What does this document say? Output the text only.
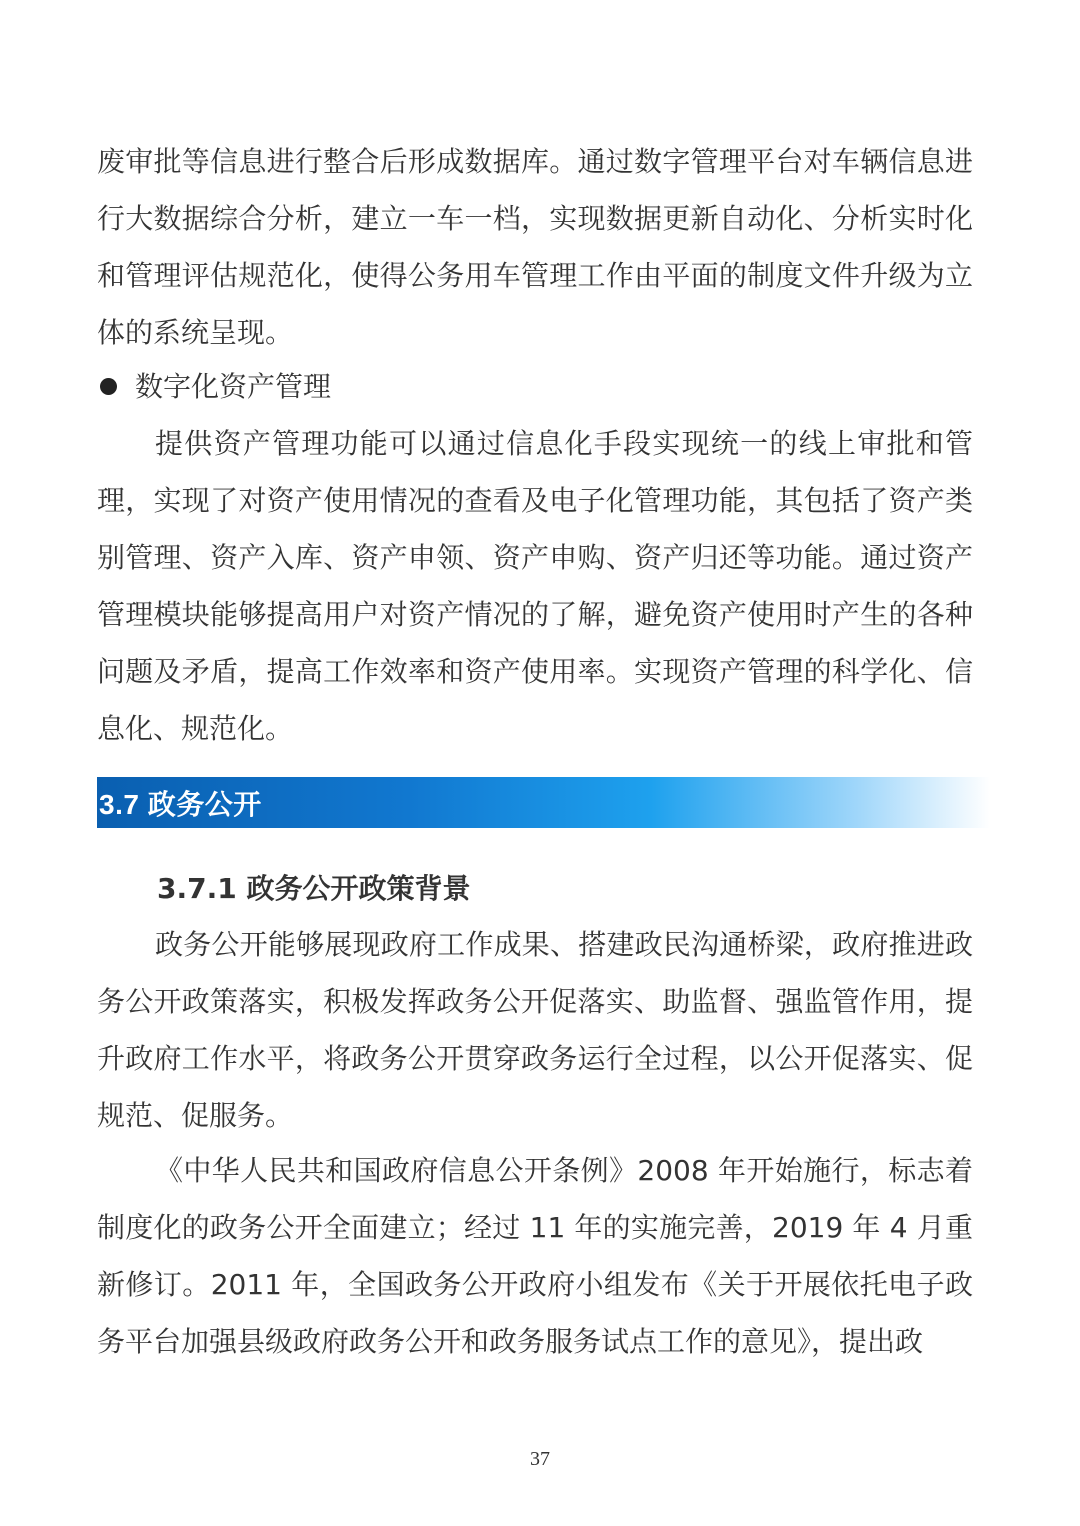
废审批等信息进行整合后形成数据库。通过数字管理平台对车辆信息进行大数据综合分析，建立一车一档，实现数据更新自动化、分析实时化和管理评估规范化，使得公务用车管理工作由平面的制度文件升级为立体的系统呈现。

数字化资产管理

提供资产管理功能可以通过信息化手段实现统一的线上审批和管理，实现了对资产使用情况的查看及电子化管理功能，其包括了资产类别管理、资产入库、资产申领、资产申购、资产归还等功能。通过资产管理模块能够提高用户对资产情况的了解，避免资产使用时产生的各种问题及矛盾，提高工作效率和资产使用率。实现资产管理的科学化、信息化、规范化。

3.7 政务公开
3.7.1 政务公开政策背景

政务公开能够展现政府工作成果、搭建政民沟通桥梁，政府推进政务公开政策落实，积极发挥政务公开促落实、助监督、强监管作用，提升政府工作水平，将政务公开贯穿政务运行全过程，以公开促落实、促规范、促服务。

《中华人民共和国政府信息公开条例》2008 年开始施行，标志着制度化的政务公开全面建立；经过 11 年的实施完善，2019 年 4 月重新修订。2011 年，全国政务公开政府小组发布《关于开展依托电子政务平台加强县级政府政务公开和政务服务试点工作的意见》，提出政

37
